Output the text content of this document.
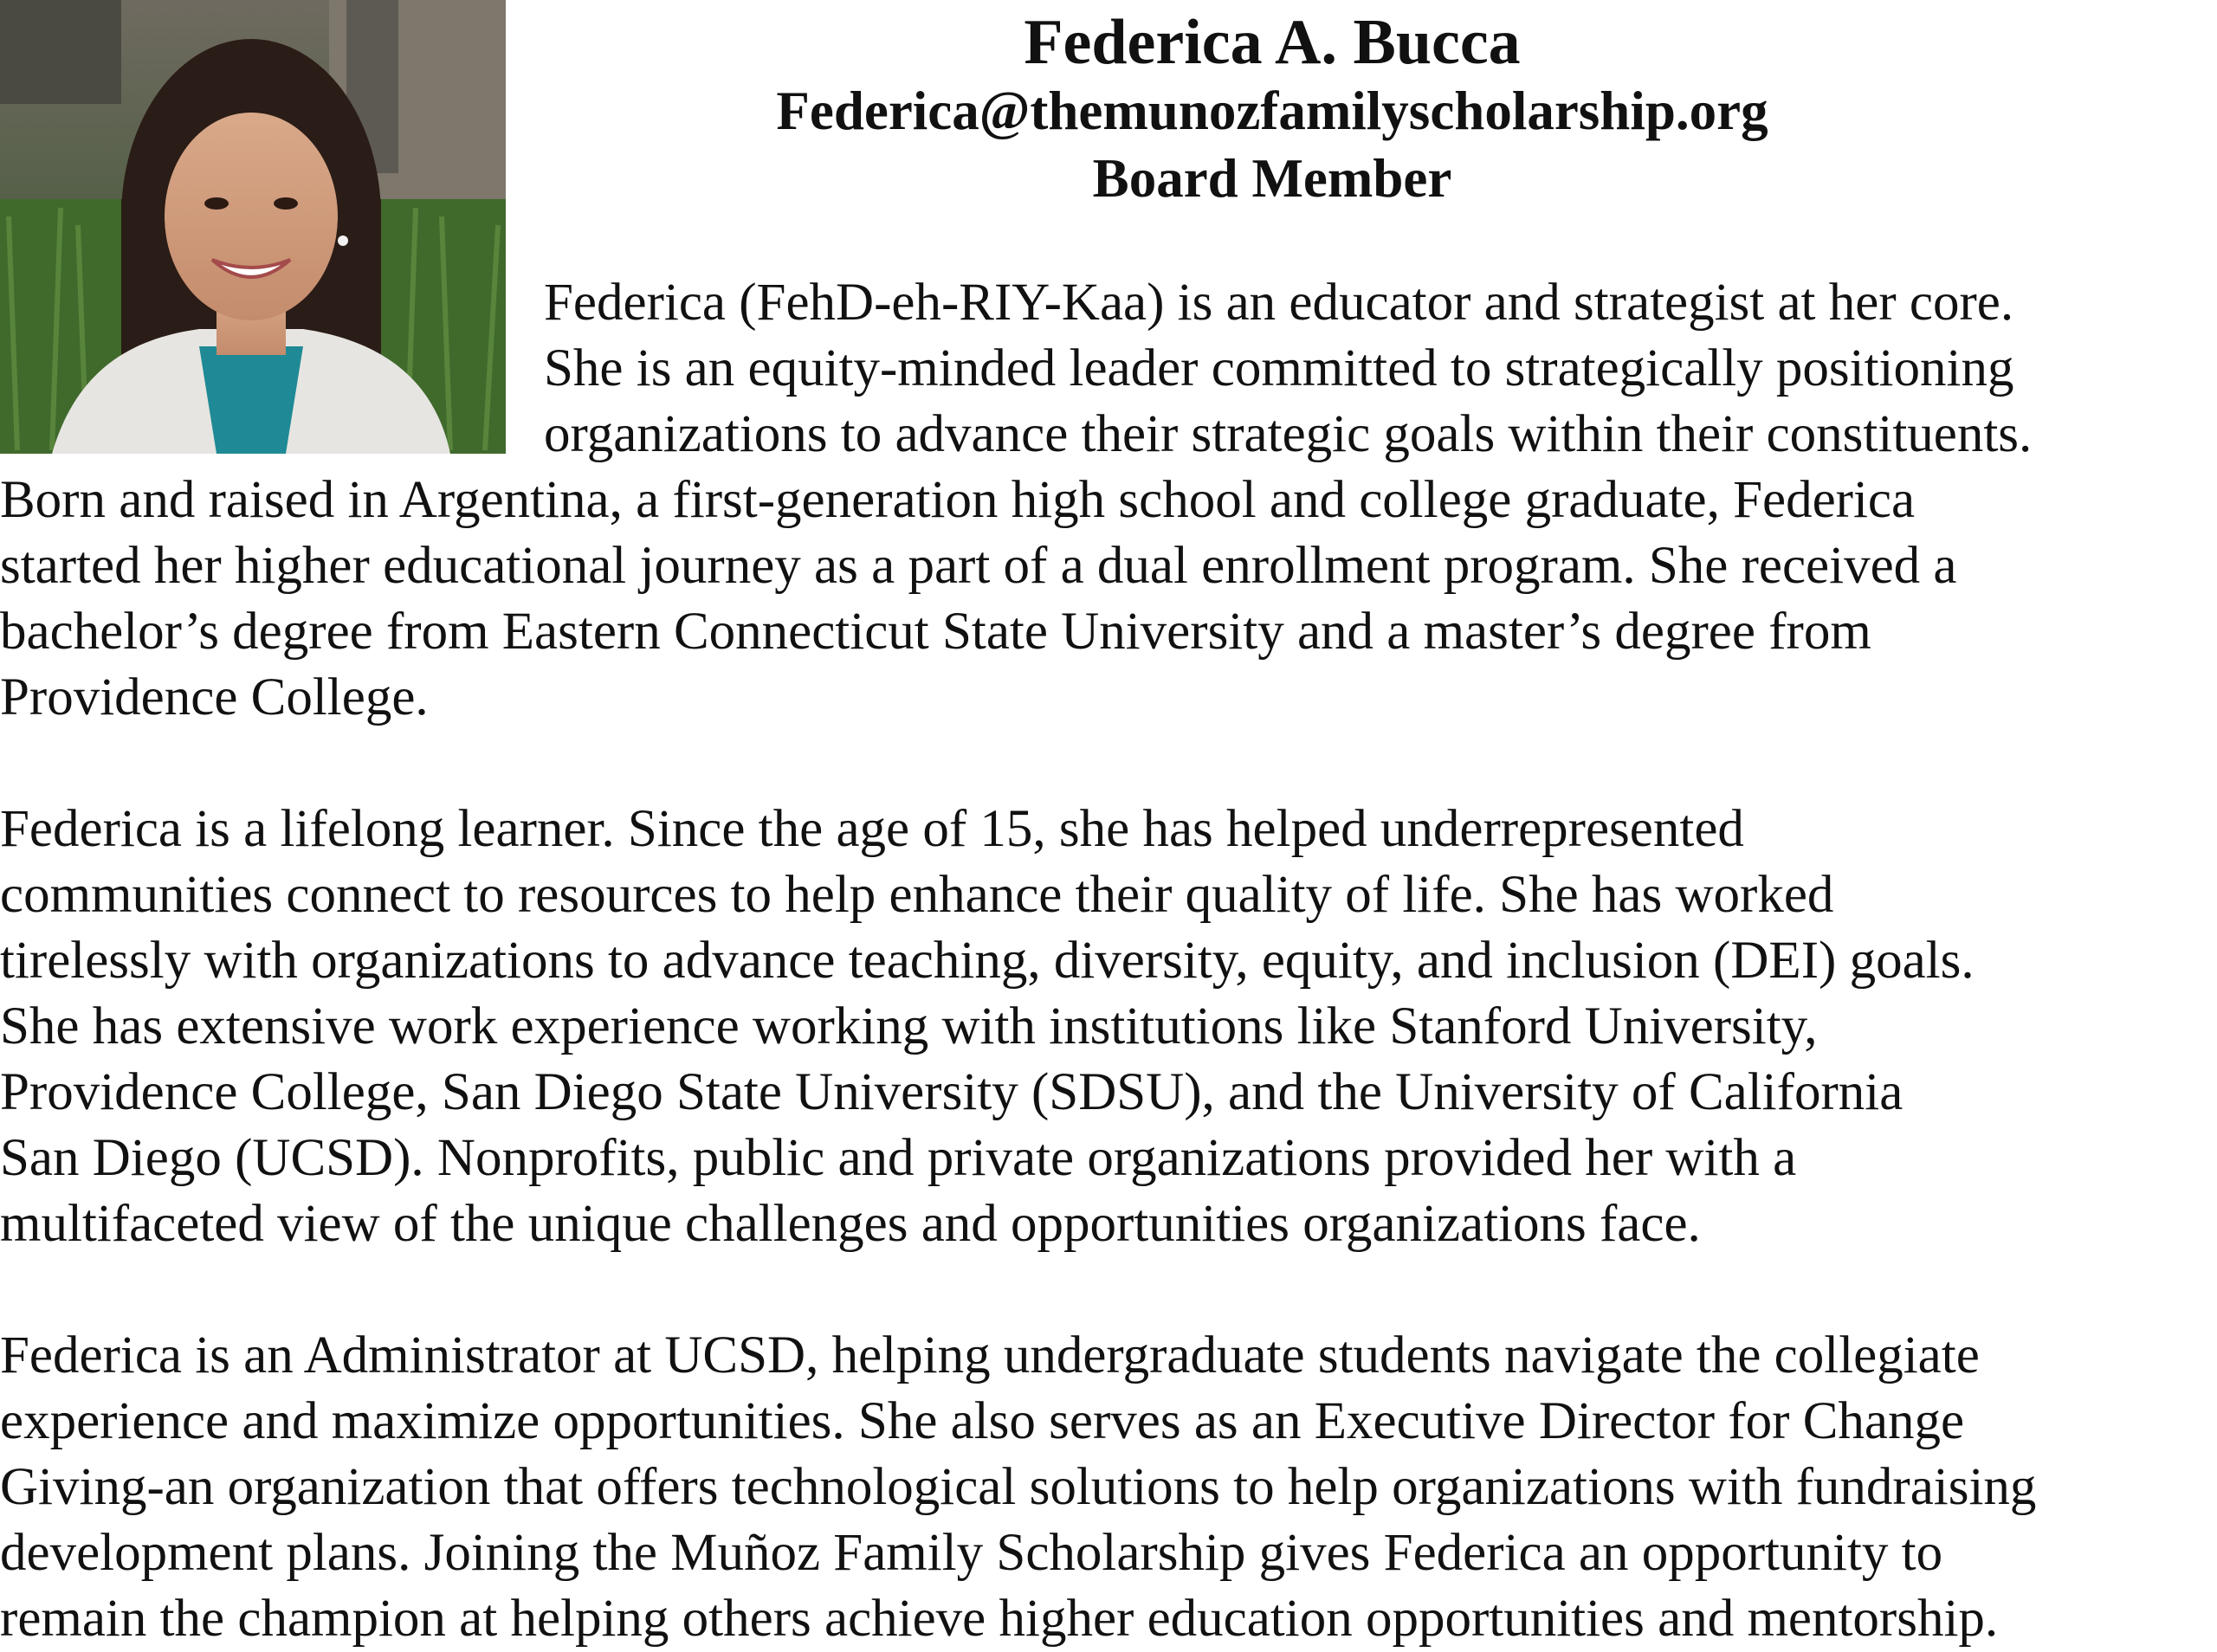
Federica A. Bucca
Federica@themunozfamilyscholarship.org
Board Member
Federica (FehD-eh-RIY-Kaa) is an educator and strategist at her core.
She is an equity-minded leader committed to strategically positioning
organizations to advance their strategic goals within their constituents.
Born and raised in Argentina, a first-generation high school and college graduate, Federica
started her higher educational journey as a part of a dual enrollment program. She received a
bachelor’s degree from Eastern Connecticut State University and a master’s degree from
Providence College.
Federica is a lifelong learner. Since the age of 15, she has helped underrepresented
communities connect to resources to help enhance their quality of life. She has worked
tirelessly with organizations to advance teaching, diversity, equity, and inclusion (DEI) goals.
She has extensive work experience working with institutions like Stanford University,
Providence College, San Diego State University (SDSU), and the University of California
San Diego (UCSD). Nonprofits, public and private organizations provided her with a
multifaceted view of the unique challenges and opportunities organizations face.
Federica is an Administrator at UCSD, helping undergraduate students navigate the collegiate
experience and maximize opportunities. She also serves as an Executive Director for Change
Giving-an organization that offers technological solutions to help organizations with fundraising
development plans. Joining the Muñoz Family Scholarship gives Federica an opportunity to
remain the champion at helping others achieve higher education opportunities and mentorship.
